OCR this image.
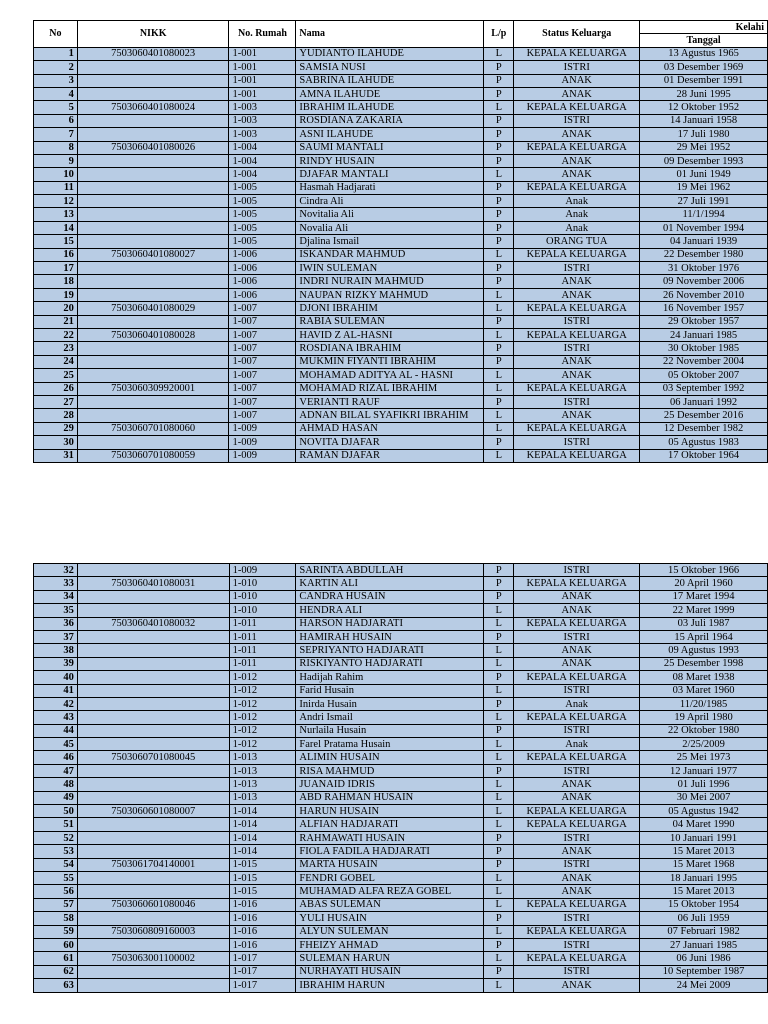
No	NIKK	No. Rumah	Nama	L/p	Status Keluarga	Kelahi
						Tanggal
1	7503060401080023	1-001	YUDIANTO ILAHUDE	L	KEPALA KELUARGA	13 Agustus 1965
2		1-001	SAMSIA NUSI	P	ISTRI	03 Desember 1969
3		1-001	SABRINA ILAHUDE	P	ANAK	01 Desember 1991
4		1-001	AMNA ILAHUDE	P	ANAK	28 Juni 1995
5	7503060401080024	1-003	IBRAHIM ILAHUDE	L	KEPALA KELUARGA	12 Oktober 1952
6		1-003	ROSDIANA ZAKARIA	P	ISTRI	14 Januari 1958
7		1-003	ASNI ILAHUDE	P	ANAK	17 Juli 1980
8	7503060401080026	1-004	SAUMI MANTALI	P	KEPALA KELUARGA	29 Mei 1952
9		1-004	RINDY HUSAIN	P	ANAK	09 Desember 1993
10		1-004	DJAFAR MANTALI	L	ANAK	01 Juni 1949
11		1-005	Hasmah Hadjarati	P	KEPALA KELUARGA	19 Mei 1962
12		1-005	Cindra Ali	P	Anak	27 Juli 1991
13		1-005	Novitalia Ali	P	Anak	11/1/1994
14		1-005	Novalia Ali	P	Anak	01 November 1994
15		1-005	Djalina Ismail	P	ORANG TUA	04 Januari 1939
16	7503060401080027	1-006	ISKANDAR MAHMUD	L	KEPALA KELUARGA	22 Desember 1980
17		1-006	IWIN SULEMAN	P	ISTRI	31 Oktober 1976
18		1-006	INDRI NURAIN MAHMUD	P	ANAK	09 November 2006
19		1-006	NAUPAN RIZKY MAHMUD	L	ANAK	26 November 2010
20	7503060401080029	1-007	DJONI IBRAHIM	L	KEPALA KELUARGA	16 November 1957
21		1-007	RABIA SULEMAN	P	ISTRI	29 Oktober 1957
22	7503060401080028	1-007	HAVID Z AL-HASNI	L	KEPALA KELUARGA	24 Januari 1985
23		1-007	ROSDIANA IBRAHIM	P	ISTRI	30 Oktober 1985
24		1-007	MUKMIN FIYANTI IBRAHIM	P	ANAK	22 November 2004
25		1-007	MOHAMAD ADITYA AL - HASNI	L	ANAK	05 Oktober 2007
26	7503060309920001	1-007	MOHAMAD RIZAL IBRAHIM	L	KEPALA KELUARGA	03 September 1992
27		1-007	VERIANTI RAUF	P	ISTRI	06 Januari 1992
28		1-007	ADNAN BILAL SYAFIKRI IBRAHIM	L	ANAK	25 Desember 2016
29	7503060701080060	1-009	AHMAD HASAN	L	KEPALA KELUARGA	12 Desember 1982
30		1-009	NOVITA DJAFAR	P	ISTRI	05 Agustus 1983
31	7503060701080059	1-009	RAMAN DJAFAR	L	KEPALA KELUARGA	17 Oktober 1964
32		1-009	SARINTA ABDULLAH	P	ISTRI	15 Oktober 1966
33	7503060401080031	1-010	KARTIN ALI	P	KEPALA KELUARGA	20 April 1960
34		1-010	CANDRA HUSAIN	P	ANAK	17 Maret 1994
35		1-010	HENDRA ALI	L	ANAK	22 Maret 1999
36	7503060401080032	1-011	HARSON HADJARATI	L	KEPALA KELUARGA	03 Juli 1987
37		1-011	HAMIRAH HUSAIN	P	ISTRI	15 April 1964
38		1-011	SEPRIYANTO HADJARATI	L	ANAK	09 Agustus 1993
39		1-011	RISKIYANTO HADJARATI	L	ANAK	25 Desember 1998
40		1-012	Hadijah Rahim	P	KEPALA KELUARGA	08 Maret 1938
41		1-012	Farid Husain	L	ISTRI	03 Maret 1960
42		1-012	Inirda Husain	P	Anak	11/20/1985
43		1-012	Andri Ismail	L	KEPALA KELUARGA	19 April 1980
44		1-012	Nurlaila Husain	P	ISTRI	22 Oktober 1980
45		1-012	Farel Pratama Husain	L	Anak	2/25/2009
46	7503060701080045	1-013	ALIMIN HUSAIN	L	KEPALA KELUARGA	25 Mei 1973
47		1-013	RISA MAHMUD	P	ISTRI	12 Januari 1977
48		1-013	JUANAID IDRIS	L	ANAK	01 Juli 1996
49		1-013	ABD RAHMAN HUSAIN	L	ANAK	30 Mei 2007
50	7503060601080007	1-014	HARUN HUSAIN	L	KEPALA KELUARGA	05 Agustus 1942
51		1-014	ALFIAN HADJARATI	L	KEPALA KELUARGA	04 Maret 1990
52		1-014	RAHMAWATI HUSAIN	P	ISTRI	10 Januari 1991
53		1-014	FIOLA FADILA HADJARATI	P	ANAK	15 Maret 2013
54	7503061704140001	1-015	MARTA HUSAIN	P	ISTRI	15 Maret 1968
55		1-015	FENDRI GOBEL	L	ANAK	18 Januari 1995
56		1-015	MUHAMAD ALFA REZA GOBEL	L	ANAK	15 Maret 2013
57	7503060601080046	1-016	ABAS SULEMAN	L	KEPALA KELUARGA	15 Oktober 1954
58		1-016	YULI HUSAIN	P	ISTRI	06 Juli 1959
59	7503060809160003	1-016	ALYUN SULEMAN	L	KEPALA KELUARGA	07 Februari 1982
60		1-016	FHEIZY AHMAD	P	ISTRI	27 Januari 1985
61	7503063001100002	1-017	SULEMAN HARUN	L	KEPALA KELUARGA	06 Juni 1986
62		1-017	NURHAYATI HUSAIN	P	ISTRI	10 September 1987
63		1-017	IBRAHIM HARUN	L	ANAK	24 Mei 2009
